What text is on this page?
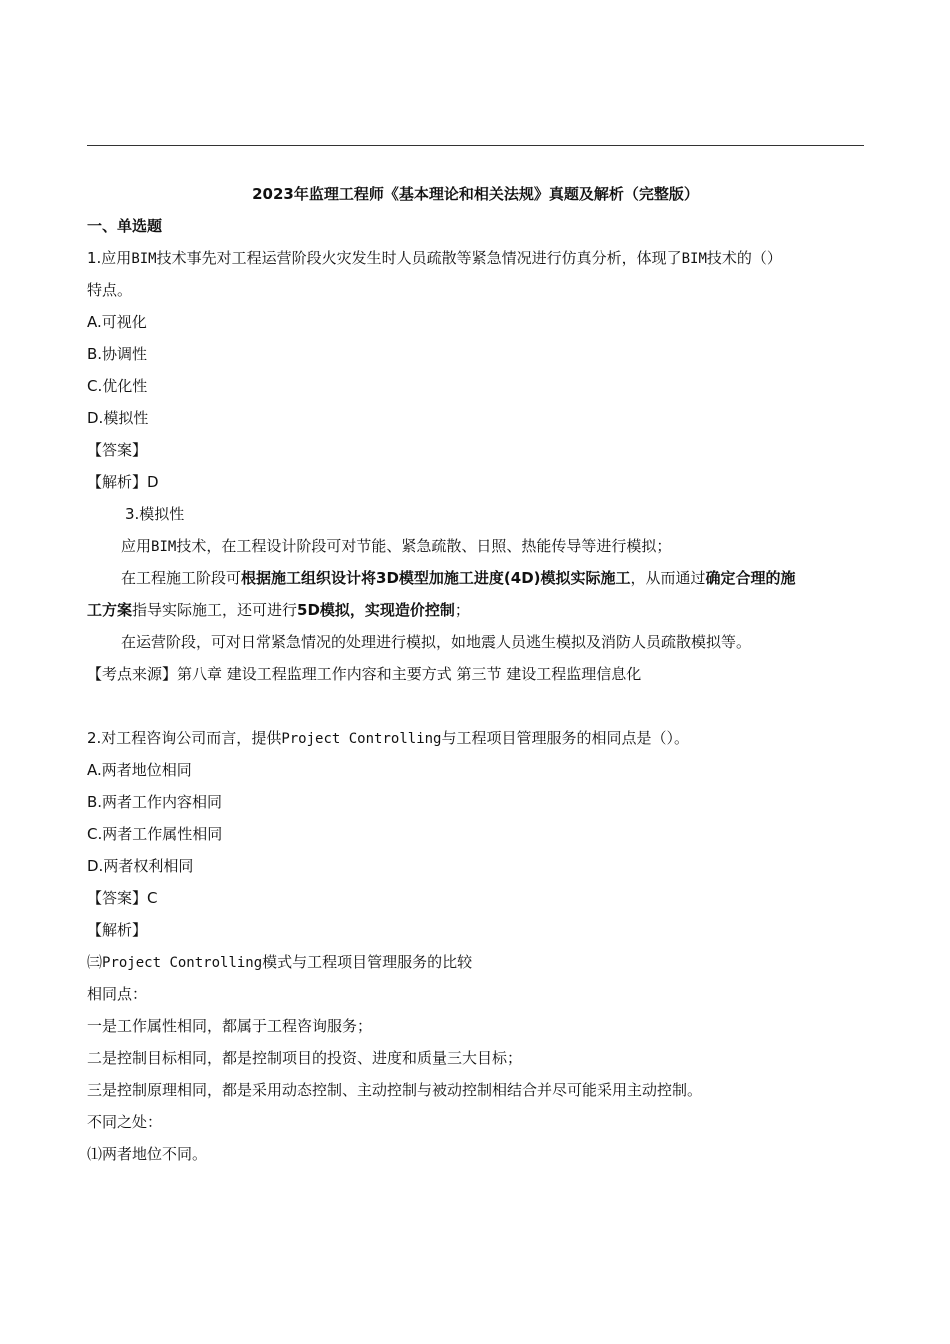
2023年监理工程师《基本理论和相关法规》真题及解析（完整版）
一、单选题
1.应用BIM技术事先对工程运营阶段火灾发生时人员疏散等紧急情况进行仿真分析，体现了BIM技术的（）
特点。
A.可视化
B.协调性
C.优化性
D.模拟性
【答案】
【解析】D
3.模拟性
应用BIM技术，在工程设计阶段可对节能、紧急疏散、日照、热能传导等进行模拟；
在工程施工阶段可根据施工组织设计将3D模型加施工进度(4D)模拟实际施工，从而通过确定合理的施
工方案指导实际施工，还可进行5D模拟，实现造价控制；
在运营阶段，可对日常紧急情况的处理进行模拟，如地震人员逃生模拟及消防人员疏散模拟等。
【考点来源】第八章 建设工程监理工作内容和主要方式 第三节 建设工程监理信息化
2.对工程咨询公司而言，提供Project Controlling与工程项目管理服务的相同点是（）。
A.两者地位相同
B.两者工作内容相同
C.两者工作属性相同
D.两者权利相同
【答案】C
【解析】
㈢Project Controlling模式与工程项目管理服务的比较
相同点：
一是工作属性相同，都属于工程咨询服务；
二是控制目标相同，都是控制项目的投资、进度和质量三大目标；
三是控制原理相同，都是采用动态控制、主动控制与被动控制相结合并尽可能采用主动控制。
不同之处：
⑴两者地位不同。
